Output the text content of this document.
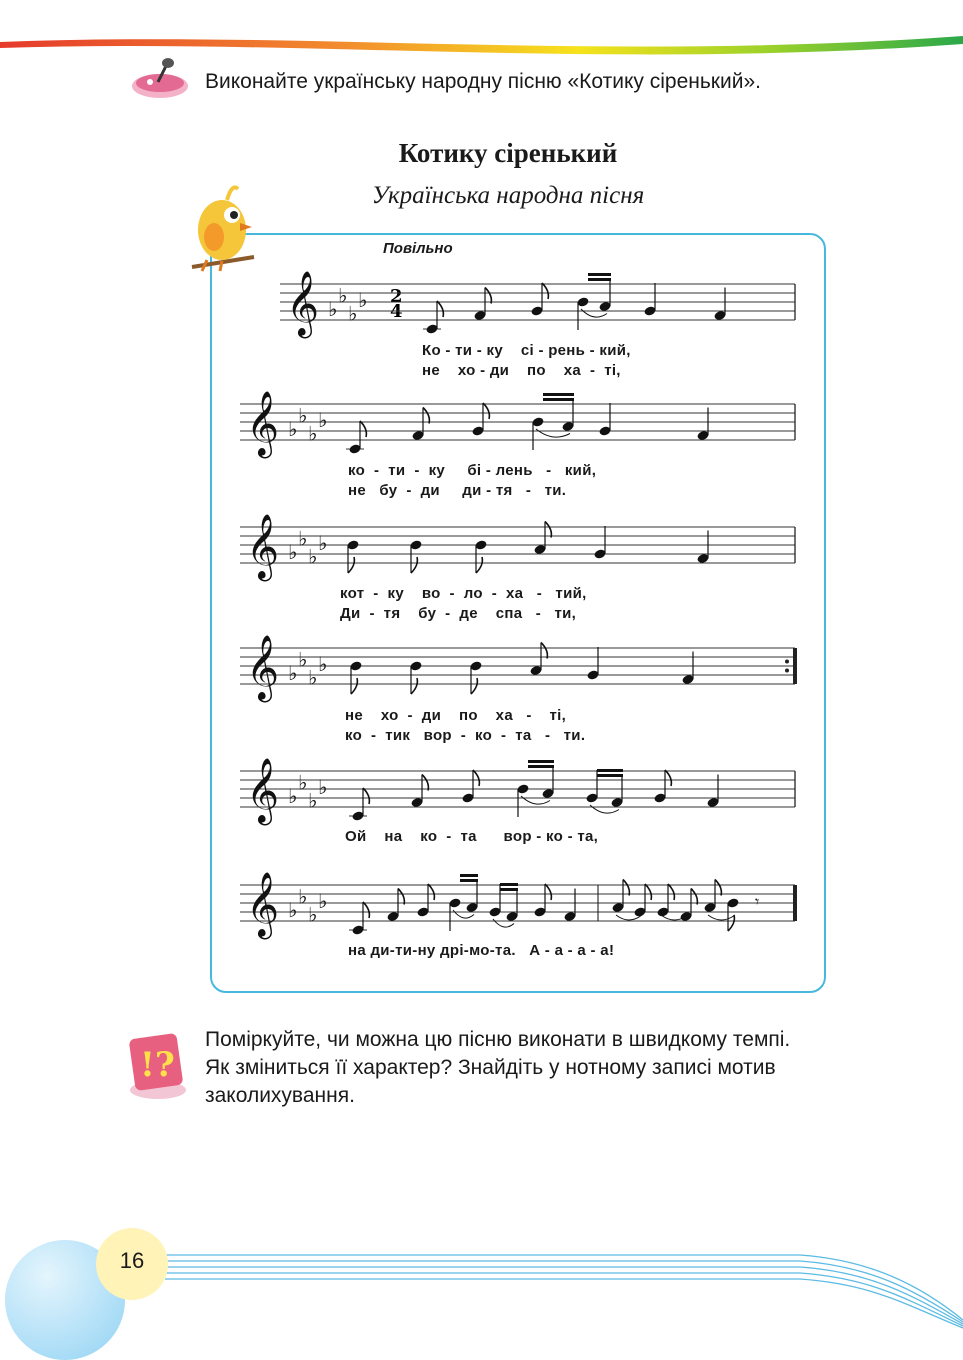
Виконайте українську народну пісню «Котику сіренький».
Котику сіренький
Українська народна пісня
Повільно
2
4
𝄞 ♭
♭
♭
♭
𝄞 ♭
♭
♭
♭
𝄞 ♭
♭
♭
♭
𝄞 ♭
♭
♭
♭
𝄞 ♭
♭
♭
♭
𝄞 ♭
♭
♭
♭	𝄾
Ко - ти - ку    сі - рень - кий,
не    хо - ди    по    ха  -  ті,
ко  -  ти  -  ку     бі - лень   -   кий,
не   бу  -  ди     ди - тя   -   ти.
кот  -  ку    во  -  ло  -  ха   -   тий,
Ди  -  тя    бу  -  де    спа   -   ти,
не    хо  -  ди    по    ха   -    ті,
ко  -  тик   вор  -  ко  -  та   -   ти.
Ой    на    ко  -  та      вор - ко - та,
на ди-ти-ну дрі-мо-та.   А - а - а - а!
!?
Поміркуйте, чи можна цю пісню виконати в швидкому темпі.
Як зміниться її характер? Знайдіть у нотному записі мотив
заколихування.
16
